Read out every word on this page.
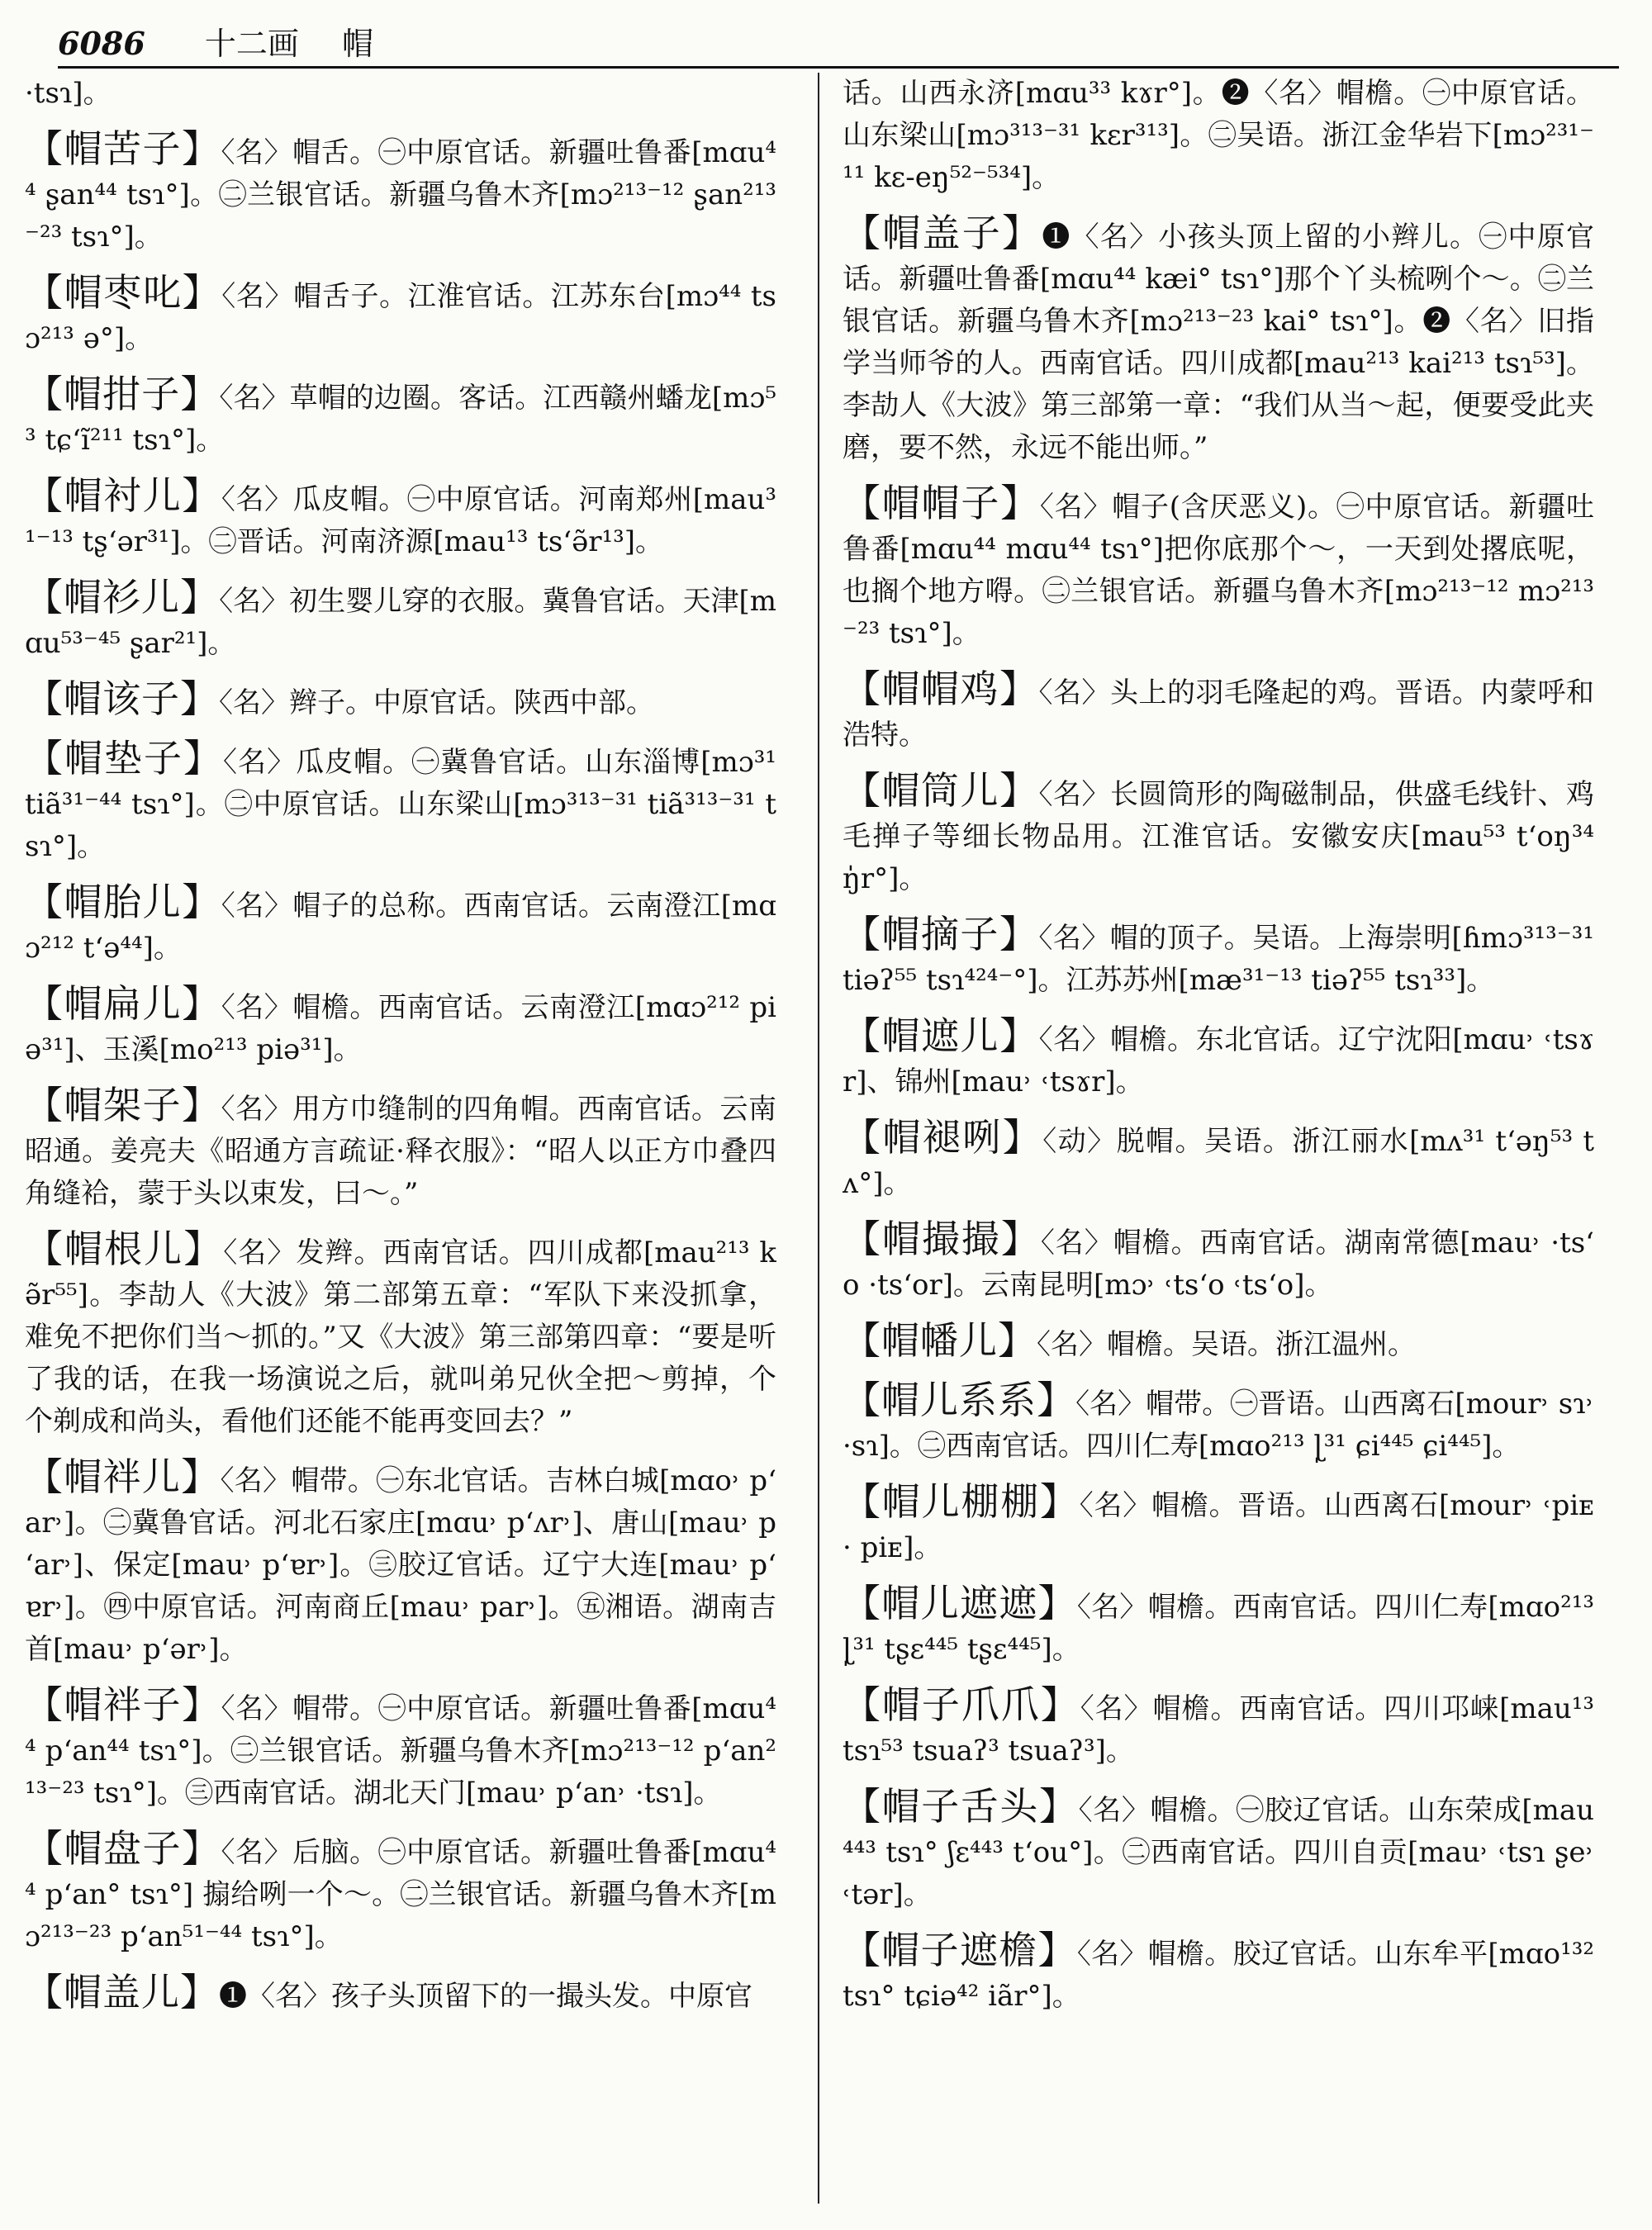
6086 十二画 帽
·tsɿ]。
【帽苦子】〈名〉帽舌。㊀中原官话。新疆吐鲁番[mɑu⁴⁴ ʂan⁴⁴ tsɿ°]。㊁兰银官话。新疆乌鲁木齐[mɔ²¹³⁻¹² ʂan²¹³⁻²³ tsɿ°]。
【帽枣叱】〈名〉帽舌子。江淮官话。江苏东台[mɔ⁴⁴ tsɔ²¹³ ə°]。
【帽拑子】〈名〉草帽的边圈。客话。江西赣州蟠龙[mɔ⁵³ tɕʻĩ²¹¹ tsɿ°]。
【帽衬儿】〈名〉瓜皮帽。㊀中原官话。河南郑州[mau³¹⁻¹³ tʂʻər³¹]。㊁晋话。河南济源[mau¹³ tsʻə̃r¹³]。
【帽衫儿】〈名〉初生婴儿穿的衣服。冀鲁官话。天津[mɑu⁵³⁻⁴⁵ ʂar²¹]。
【帽该子】〈名〉辫子。中原官话。陕西中部。
【帽垫子】〈名〉瓜皮帽。㊀冀鲁官话。山东淄博[mɔ³¹ tiã³¹⁻⁴⁴ tsɿ°]。㊁中原官话。山东梁山[mɔ³¹³⁻³¹ tiã³¹³⁻³¹ tsɿ°]。
【帽胎儿】〈名〉帽子的总称。西南官话。云南澄江[mɑɔ²¹² tʻə⁴⁴]。
【帽扁儿】〈名〉帽檐。西南官话。云南澄江[mɑɔ²¹² piə³¹]、玉溪[mo²¹³ piə³¹]。
【帽架子】〈名〉用方巾缝制的四角帽。西南官话。云南昭通。姜亮夫《昭通方言疏证·释衣服》：“昭人以正方巾叠四角缝袷，蒙于头以束发，曰～。”
【帽根儿】〈名〉发辫。西南官话。四川成都[mau²¹³ kə̃r⁵⁵]。李劼人《大波》第二部第五章：“军队下来没抓拿，难免不把你们当～抓的。”又《大波》第三部第四章：“要是听了我的话，在我一场演说之后，就叫弟兄伙全把～剪掉，个个剃成和尚头，看他们还能不能再变回去？”
【帽袢儿】〈名〉帽带。㊀东北官话。吉林白城[mɑo˒ pʻar˒]。㊁冀鲁官话。河北石家庄[mɑu˒ pʻʌr˒]、唐山[mau˒ pʻar˒]、保定[mau˒ pʻɐr˒]。㊂胶辽官话。辽宁大连[mau˒ pʻɐr˒]。㊃中原官话。河南商丘[mau˒ par˒]。㊄湘语。湖南吉首[mau˒ pʻər˒]。
【帽袢子】〈名〉帽带。㊀中原官话。新疆吐鲁番[mɑu⁴⁴ pʻan⁴⁴ tsɿ°]。㊁兰银官话。新疆乌鲁木齐[mɔ²¹³⁻¹² pʻan²¹³⁻²³ tsɿ°]。㊂西南官话。湖北天门[mau˒ pʻan˒ ·tsɿ]。
【帽盘子】〈名〉后脑。㊀中原官话。新疆吐鲁番[mɑu⁴⁴ pʻan° tsɿ°] 搧给咧一个～。㊁兰银官话。新疆乌鲁木齐[mɔ²¹³⁻²³ pʻan⁵¹⁻⁴⁴ tsɿ°]。
【帽盖儿】❶〈名〉孩子头顶留下的一撮头发。中原官
话。山西永济[mɑu³³ kɤr°]。❷〈名〉帽檐。㊀中原官话。山东梁山[mɔ³¹³⁻³¹ kɛr³¹³]。㊁吴语。浙江金华岩下[mɔ²³¹⁻¹¹ kɛ-eŋ⁵²⁻⁵³⁴]。
【帽盖子】❶〈名〉小孩头顶上留的小辫儿。㊀中原官话。新疆吐鲁番[mɑu⁴⁴ kæi° tsɿ°]那个丫头梳咧个～。㊁兰银官话。新疆乌鲁木齐[mɔ²¹³⁻²³ kai° tsɿ°]。❷〈名〉旧指学当师爷的人。西南官话。四川成都[mau²¹³ kai²¹³ tsɿ⁵³]。李劼人《大波》第三部第一章：“我们从当～起，便要受此夹磨，要不然，永远不能出师。”
【帽帽子】〈名〉帽子(含厌恶义)。㊀中原官话。新疆吐鲁番[mɑu⁴⁴ mɑu⁴⁴ tsɿ°]把你底那个～，一天到处撂底呢，也搁个地方嘚。㊁兰银官话。新疆乌鲁木齐[mɔ²¹³⁻¹² mɔ²¹³⁻²³ tsɿ°]。
【帽帽鸡】〈名〉头上的羽毛隆起的鸡。晋语。内蒙呼和浩特。
【帽筒儿】〈名〉长圆筒形的陶磁制品，供盛毛线针、鸡毛掸子等细长物品用。江淮官话。安徽安庆[mau⁵³ tʻoŋ³⁴ ŋ̍r°]。
【帽摘子】〈名〉帽的顶子。吴语。上海崇明[ɦmɔ³¹³⁻³¹ tiəʔ⁵⁵ tsɿ⁴²⁴⁻°]。江苏苏州[mæ³¹⁻¹³ tiəʔ⁵⁵ tsɿ³³]。
【帽遮儿】〈名〉帽檐。东北官话。辽宁沈阳[mɑu˒ ˓tsɤr]、锦州[mau˒ ˓tsɤr]。
【帽褪咧】〈动〉脱帽。吴语。浙江丽水[mʌ³¹ tʻəŋ⁵³ tʌ°]。
【帽撮撮】〈名〉帽檐。西南官话。湖南常德[mau˒ ·tsʻo ·tsʻor]。云南昆明[mɔ˒ ˓tsʻo ˓tsʻo]。
【帽幡儿】〈名〉帽檐。吴语。浙江温州。
【帽儿系系】〈名〉帽带。㊀晋语。山西离石[mour˒ sɿ˒ ·sɿ]。㊁西南官话。四川仁寿[mɑo²¹³ ɭ̩³¹ ɕi⁴⁴⁵ ɕi⁴⁴⁵]。
【帽儿棚棚】〈名〉帽檐。晋语。山西离石[mour˒ ˓piᴇ · piᴇ]。
【帽儿遮遮】〈名〉帽檐。西南官话。四川仁寿[mɑo²¹³ ɭ̩³¹ tʂɛ⁴⁴⁵ tʂɛ⁴⁴⁵]。
【帽子爪爪】〈名〉帽檐。西南官话。四川邛崃[mau¹³ tsɿ⁵³ tsuaʔ³ tsuaʔ³]。
【帽子舌头】〈名〉帽檐。㊀胶辽官话。山东荣成[mau⁴⁴³ tsɿ° ʃɛ⁴⁴³ tʻou°]。㊁西南官话。四川自贡[mau˒ ˓tsɿ ʂe˒ ˓tər]。
【帽子遮檐】〈名〉帽檐。胶辽官话。山东牟平[mɑo¹³² tsɿ° tɕiə⁴² iãr°]。
